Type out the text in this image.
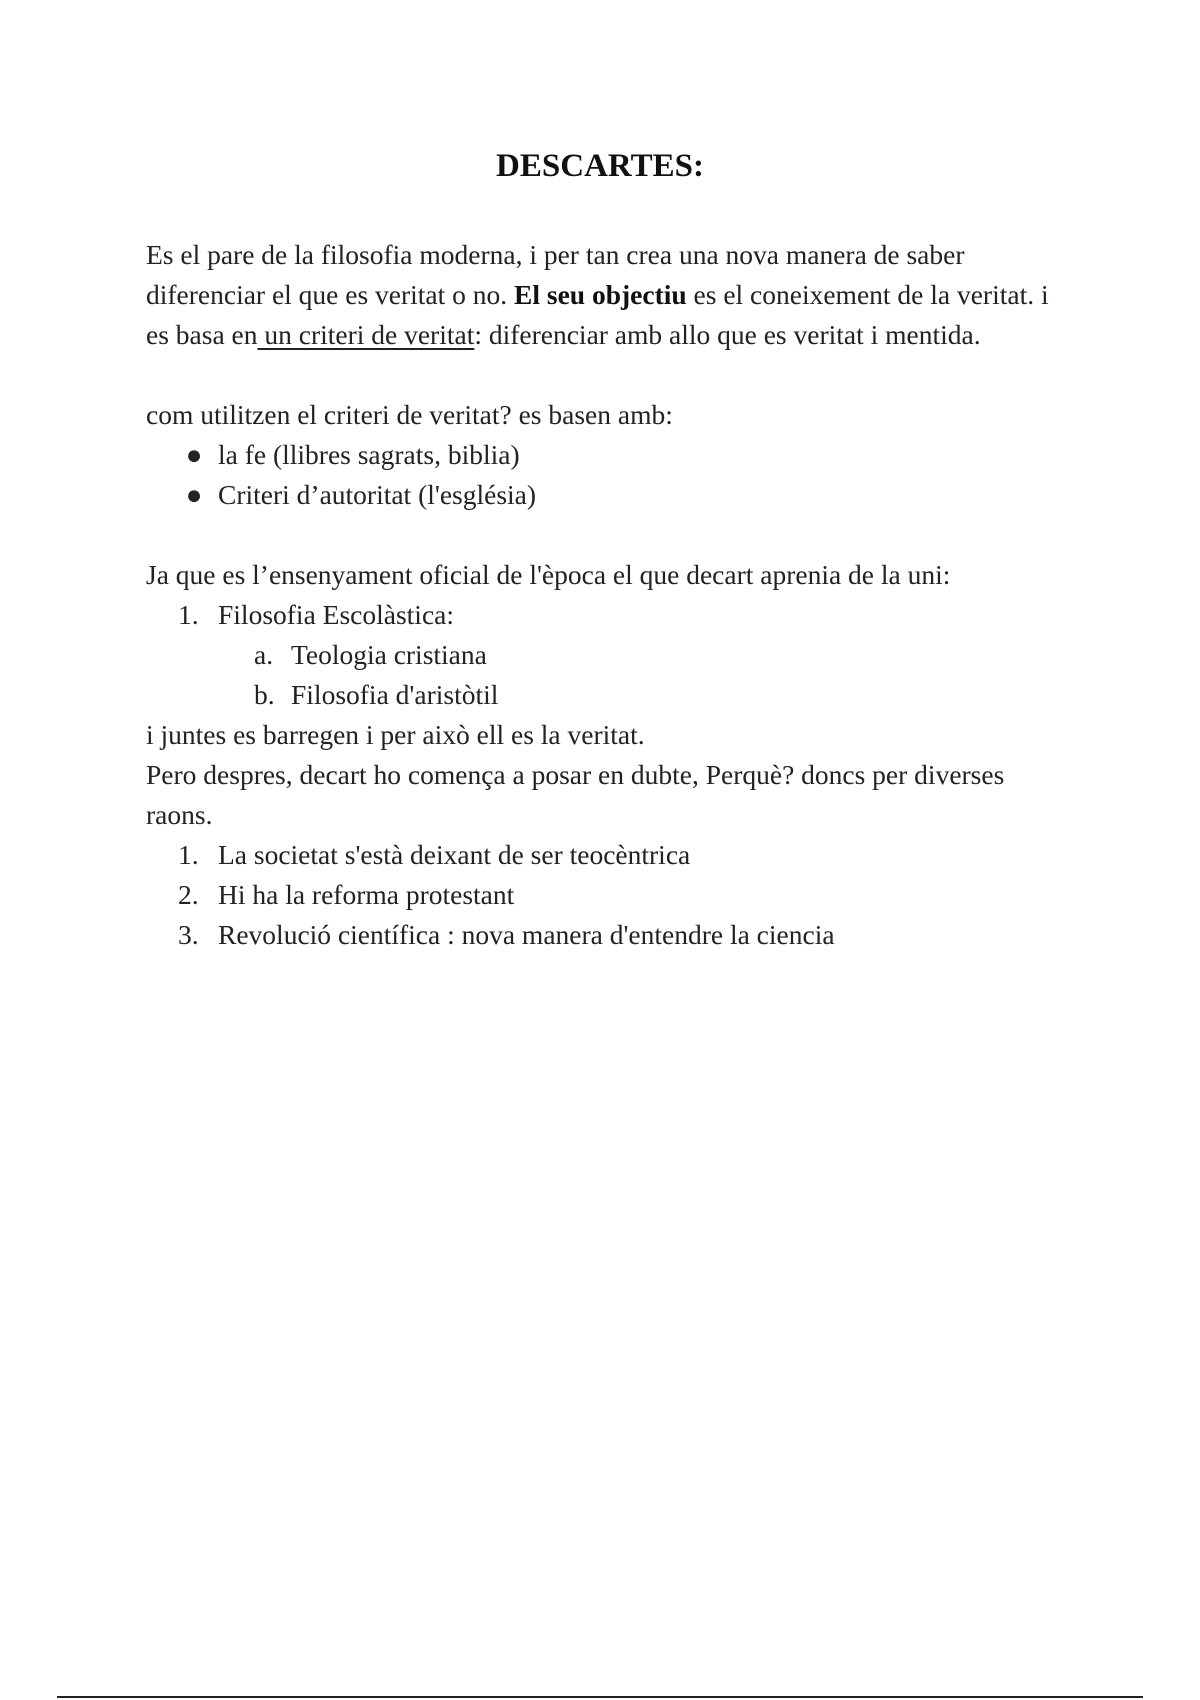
DESCARTES:

Es el pare de la filosofia moderna, i per tan crea una nova manera de saber diferenciar el que es veritat o no. El seu objectiu es el coneixement de la veritat. i es basa en un criteri de veritat: diferenciar amb allo que es veritat i mentida.

com utilitzen el criteri de veritat? es basen amb:

● la fe (llibres sagrats, biblia)
● Criteri d’autoritat (l'església)

Ja que es l’ensenyament oficial de l'època el que decart aprenia de la uni:

1. Filosofia Escolàstica:
a. Teologia cristiana
b. Filosofia d'aristòtil

i juntes es barregen i per això ell es la veritat.

Pero despres, decart ho comença a posar en dubte, Perquè? doncs per diverses raons.

1. La societat s'està deixant de ser teocèntrica
2. Hi ha la reforma protestant
3. Revolució científica : nova manera d'entendre la ciencia
